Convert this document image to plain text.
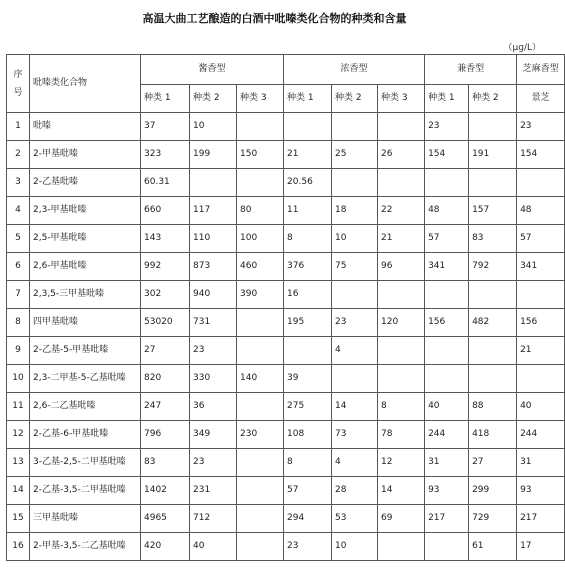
高温大曲工艺酿造的白酒中吡嗪类化合物的种类和含量
（μg/L）
序号	吡嗪类化合物	酱香型			浓香型			兼香型		芝麻香型
		种类 1	种类 2	种类 3	种类 1	种类 2	种类 3	种类 1	种类 2	景芝
1	吡嗪	37	10					23		23
2	2-甲基吡嗪	323	199	150	21	25	26	154	191	154
3	2-乙基吡嗪	60.31			20.56					
4	2,3-甲基吡嗪	660	117	80	11	18	22	48	157	48
5	2,5-甲基吡嗪	143	110	100	8	10	21	57	83	57
6	2,6-甲基吡嗪	992	873	460	376	75	96	341	792	341
7	2,3,5-三甲基吡嗪	302	940	390	16					
8	四甲基吡嗪	53020	731		195	23	120	156	482	156
9	2-乙基-5-甲基吡嗪	27	23			4				21
10	2,3-二甲基-5-乙基吡嗪	820	330	140	39					
11	2,6-二乙基吡嗪	247	36		275	14	8	40	88	40
12	2-乙基-6-甲基吡嗪	796	349	230	108	73	78	244	418	244
13	3-乙基-2,5-二甲基吡嗪	83	23		8	4	12	31	27	31
14	2-乙基-3,5-二甲基吡嗪	1402	231		57	28	14	93	299	93
15	三甲基吡嗪	4965	712		294	53	69	217	729	217
16	2-甲基-3,5-二乙基吡嗪	420	40		23	10			61	17
